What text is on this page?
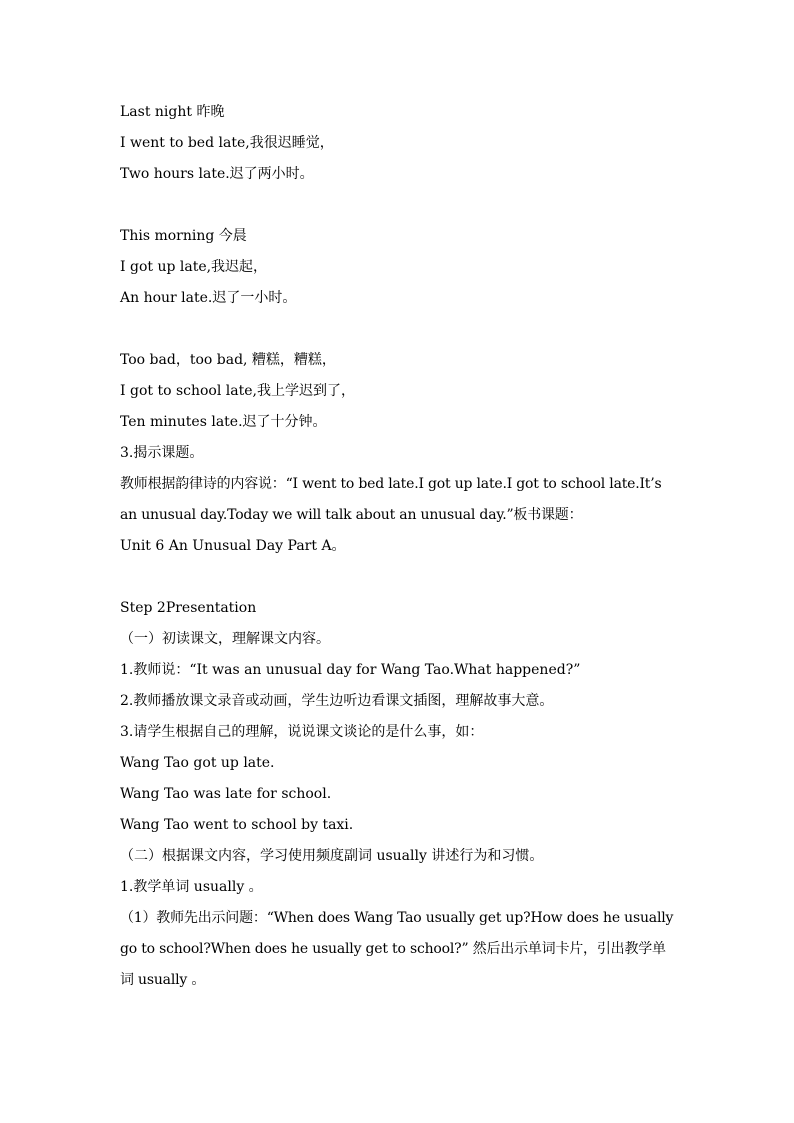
Last night 昨晚
I went to bed late,我很迟睡觉，
Two hours late.迟了两小时。
This morning 今晨
I got up late,我迟起，
An hour late.迟了一小时。
Too bad，too bad, 糟糕，糟糕，
I got to school late,我上学迟到了，
Ten minutes late.迟了十分钟。
3.揭示课题。
教师根据韵律诗的内容说：“I went to bed late.I got up late.I got to school late.It’s an unusual day.Today we will talk about an unusual day.”板书课题：
Unit 6 An Unusual Day Part A。
Step 2Presentation
（一）初读课文，理解课文内容。
1.教师说：“It was an unusual day for Wang Tao.What happened?”
2.教师播放课文录音或动画，学生边听边看课文插图，理解故事大意。
3.请学生根据自己的理解，说说课文谈论的是什么事，如：
Wang Tao got up late.
Wang Tao was late for school.
Wang Tao went to school by taxi.
（二）根据课文内容，学习使用频度副词 usually 讲述行为和习惯。
1.教学单词 usually 。
（1）教师先出示问题：“When does Wang Tao usually get up?How does he usually go to school?When does he usually get to school?” 然后出示单词卡片，引出教学单词 usually 。
